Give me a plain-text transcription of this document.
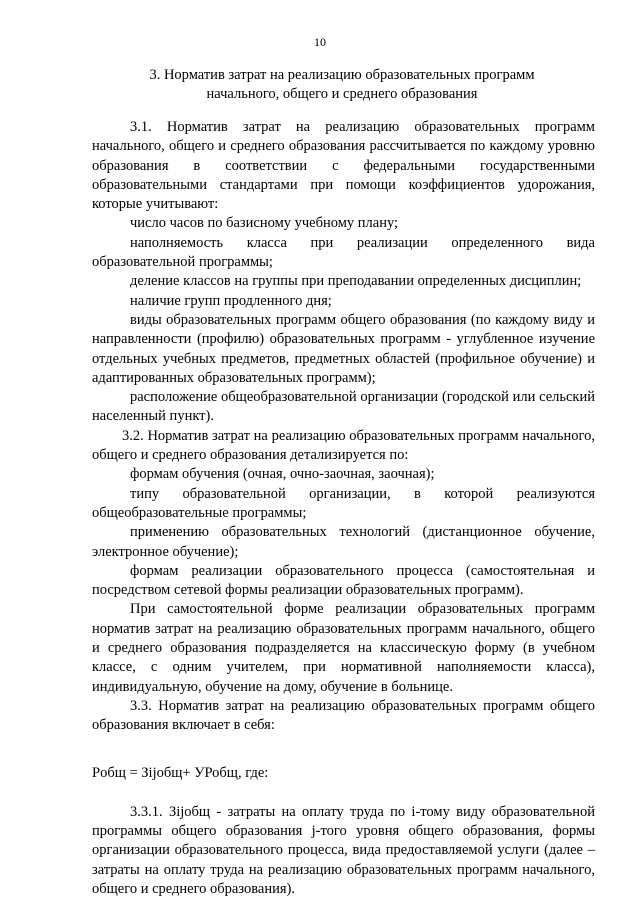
10
3. Норматив затрат на реализацию образовательных программ
начального, общего и среднего образования

3.1. Норматив затрат на реализацию образовательных программ начального, общего и среднего образования рассчитывается по каждому уровню образования в соответствии с федеральными государственными образовательными стандартами при помощи коэффициентов удорожания, которые учитывают:

число часов по базисному учебному плану;

наполняемость класса при реализации определенного вида образовательной программы;

деление классов на группы при преподавании определенных дисциплин;

наличие групп продленного дня;

виды образовательных программ общего образования (по каждому виду и направленности (профилю) образовательных программ - углубленное изучение отдельных учебных предметов, предметных областей (профильное обучение) и адаптированных образовательных программ);

расположение общеобразовательной организации (городской или сельский населенный пункт).

3.2. Норматив затрат на реализацию образовательных программ начального, общего и среднего образования детализируется по:

формам обучения (очная, очно-заочная, заочная);

типу образовательной организации, в которой реализуются общеобразовательные программы;

применению образовательных технологий (дистанционное обучение, электронное обучение);

формам реализации образовательного процесса (самостоятельная и посредством сетевой формы реализации образовательных программ).

При самостоятельной форме реализации образовательных программ норматив затрат на реализацию образовательных программ начального, общего и среднего образования подразделяется на классическую форму (в учебном классе, с одним учителем, при нормативной наполняемости класса), индивидуальную, обучение на дому, обучение в больнице.

3.3. Норматив затрат на реализацию образовательных программ общего образования включает в себя:

Pобщ = Зijобщ+ УРобщ, где:

3.3.1. Зijобщ - затраты на оплату труда по i-тому виду образовательной программы общего образования j-того уровня общего образования, формы организации образовательного процесса, вида предоставляемой услуги (далее – затраты на оплату труда на реализацию образовательных программ начального, общего и среднего образования).
